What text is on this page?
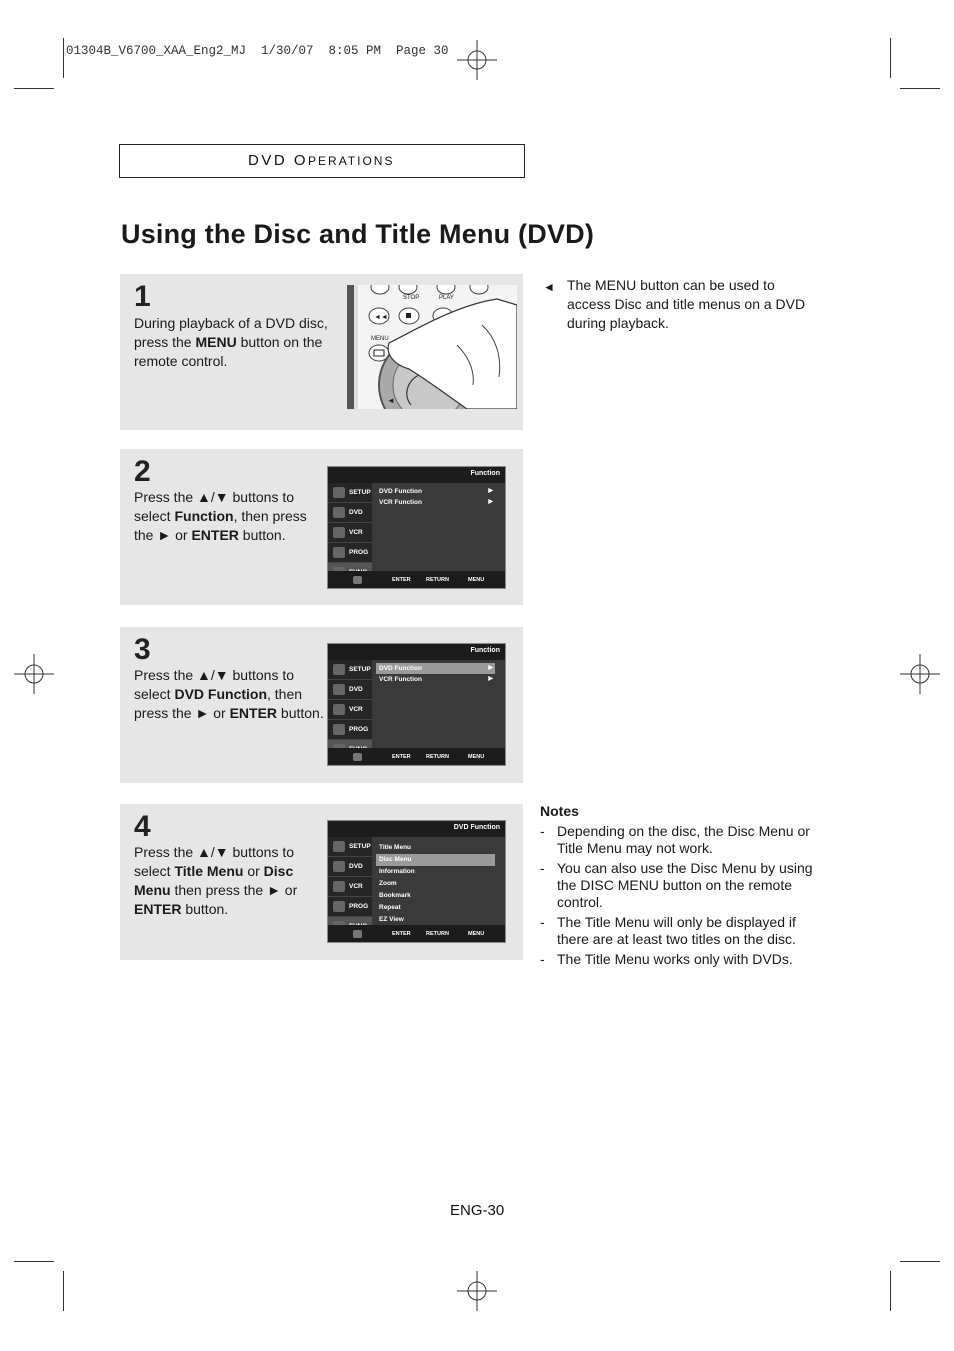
01304B_V6700_XAA_Eng2_MJ  1/30/07  8:05 PM  Page 30
DVD OPERATIONS
Using the Disc and Title Menu (DVD)
1
During playback of a DVD disc, press the MENU button on the remote control.
STOP	PLAY
◄◄
MENU
◄
2
Press the ▲/▼ buttons to select Function, then press the ► or ENTER button.
Function
SETUP
DVD
VCR
PROG
DVD Function	▶
VCR Function	▶
ENTER	RETURN	MENU
3
Press the ▲/▼ buttons to select DVD Function, then press the ► or ENTER button.
Function
SETUP
DVD
VCR
PROG
DVD Function	▶
VCR Function	▶
ENTER	RETURN	MENU
4
Press the ▲/▼ buttons to select Title Menu or Disc Menu then press the ► or ENTER button.
DVD Function
SETUP
DVD
VCR
PROG
Title Menu
Disc Menu
Information
Zoom
Bookmark
Repeat
EZ View
ENTER	RETURN	MENU
◄ The MENU button can be used to access Disc and title menus on a DVD during playback.
Notes
- Depending on the disc, the Disc Menu or Title Menu may not work.
- You can also use the Disc Menu by using the DISC MENU button on the remote control.
- The Title Menu will only be displayed if there are at least two titles on the disc.
- The Title Menu works only with DVDs.
ENG-30
